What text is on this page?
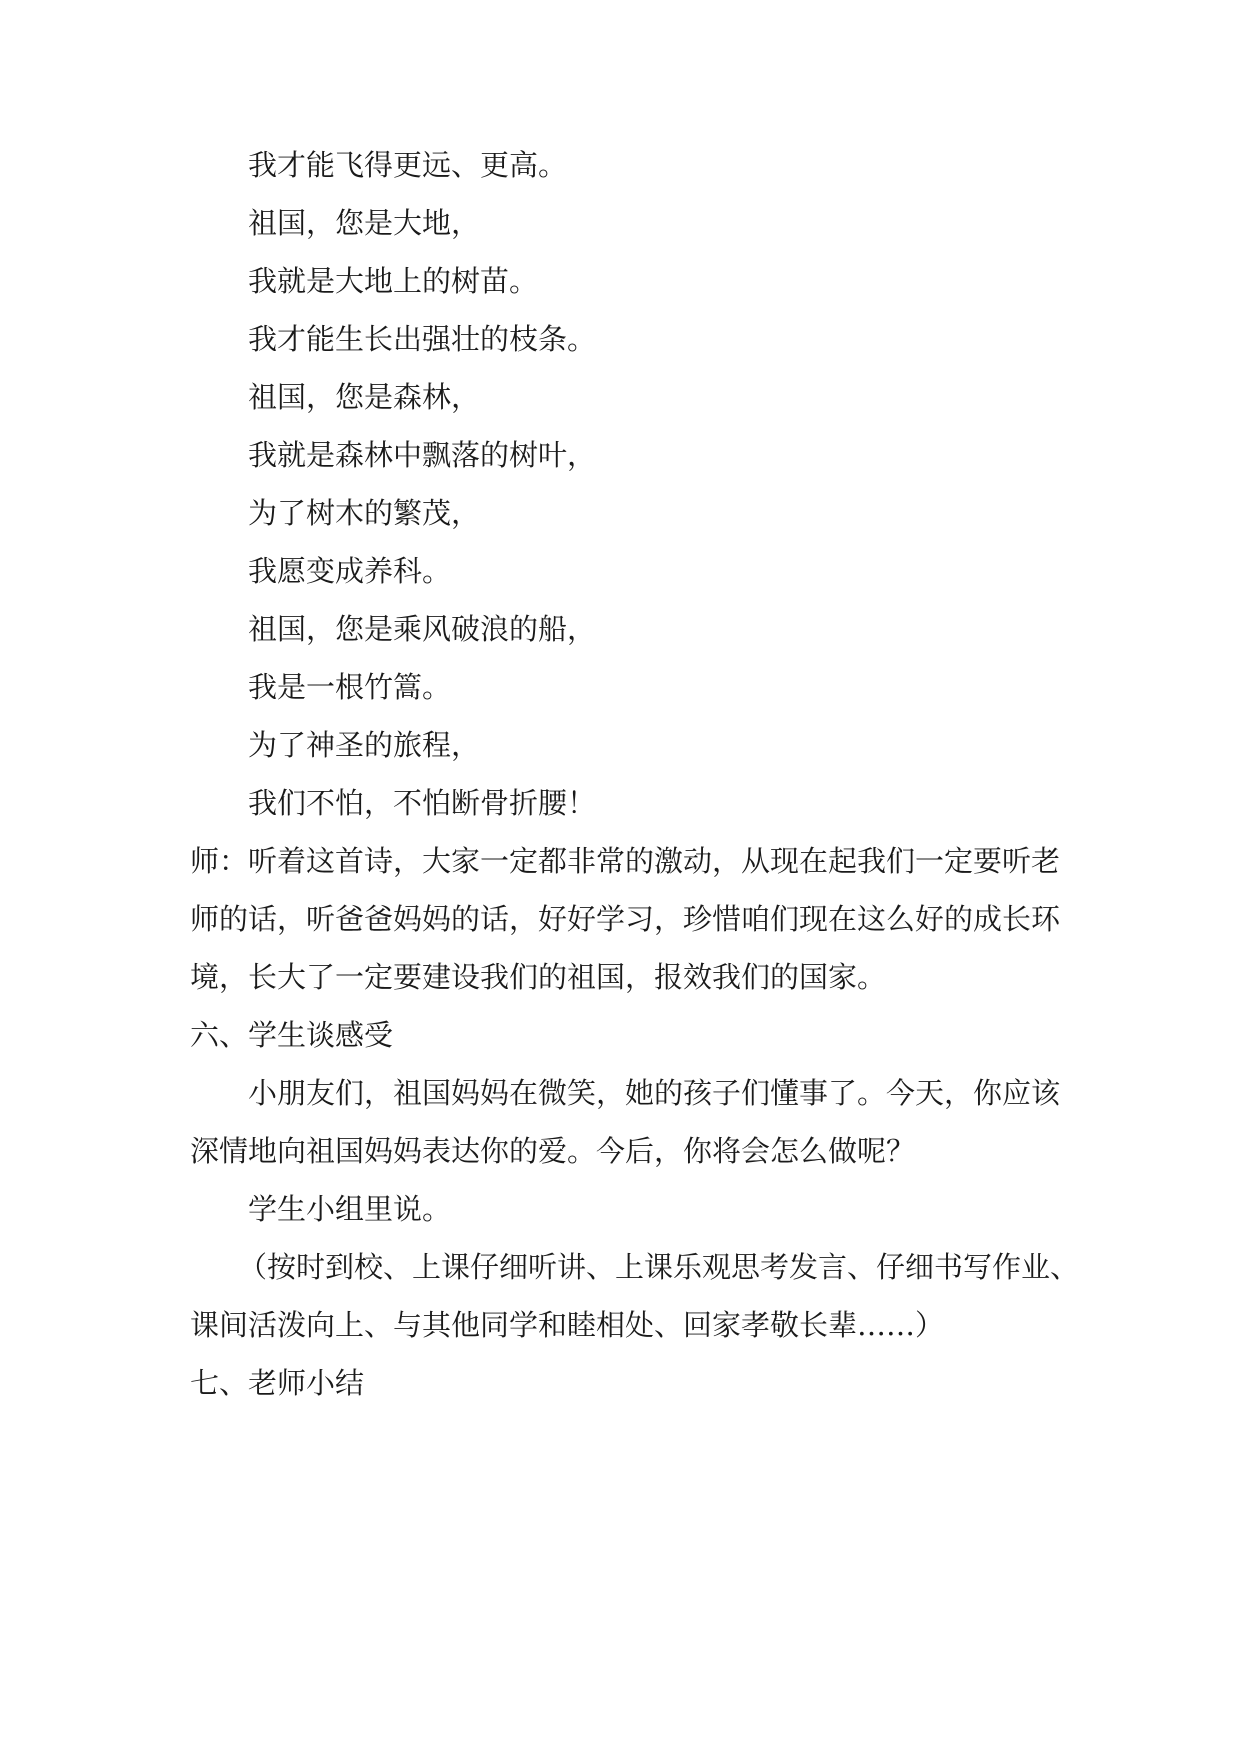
我才能飞得更远、更高。
祖国，您是大地，
我就是大地上的树苗。
我才能生长出强壮的枝条。
祖国，您是森林，
我就是森林中飘落的树叶，
为了树木的繁茂，
我愿变成养科。
祖国，您是乘风破浪的船，
我是一根竹篙。
为了神圣的旅程，
我们不怕，不怕断骨折腰！
师：听着这首诗，大家一定都非常的激动，从现在起我们一定要听老
师的话，听爸爸妈妈的话，好好学习，珍惜咱们现在这么好的成长环
境，长大了一定要建设我们的祖国，报效我们的国家。
六、学生谈感受
小朋友们，祖国妈妈在微笑，她的孩子们懂事了。今天，你应该
深情地向祖国妈妈表达你的爱。今后，你将会怎么做呢？
学生小组里说。
（按时到校、上课仔细听讲、上课乐观思考发言、仔细书写作业、
课间活泼向上、与其他同学和睦相处、回家孝敬长辈……）
七、老师小结
